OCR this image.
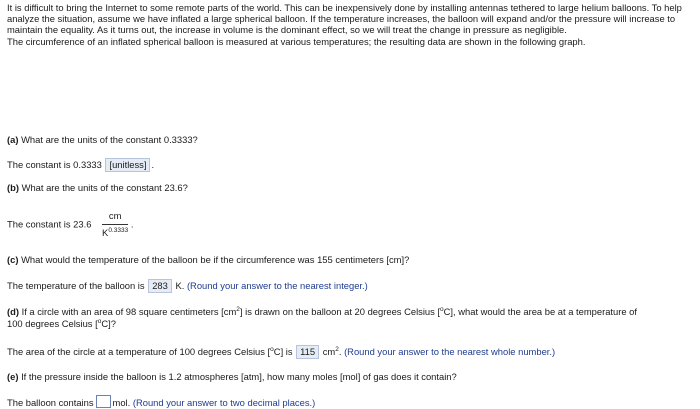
It is difficult to bring the Internet to some remote parts of the world. This can be inexpensively done by installing antennas tethered to large helium balloons. To help analyze the situation, assume we have inflated a large spherical balloon. If the temperature increases, the balloon will expand and/or the pressure will increase to maintain the equality. As it turns out, the increase in volume is the dominant effect, so we will treat the change in pressure as negligible.

The circumference of an inflated spherical balloon is measured at various temperatures; the resulting data are shown in the following graph.

(a) What are the units of the constant 0.3333?
The constant is 0.3333 [unitless] .
(b) What are the units of the constant 23.6?
The constant is $23.6 \frac{cm}{K^{0.3333}}$ .
(c) What would the temperature of the balloon be if the circumference was 155 centimeters [cm]?
The temperature of the balloon is 283 K. (Round your answer to the nearest integer.)
(d) If a circle with an area of 98 square centimeters $[cm^2]$ is drawn on the balloon at 20 degrees Celsius [$^o$C], what would the area be at a temperature of
100 degrees Celsius [$^o$C]?
The area of the circle at a temperature of 100 degrees Celsius [$^o$C] is 115 $cm^2$. (Round your answer to the nearest whole number.)
(e) If the pressure inside the balloon is 1.2 atmospheres [atm], how many moles [mol] of gas does it contain?
The balloon contains mol. (Round your answer to two decimal places.)
